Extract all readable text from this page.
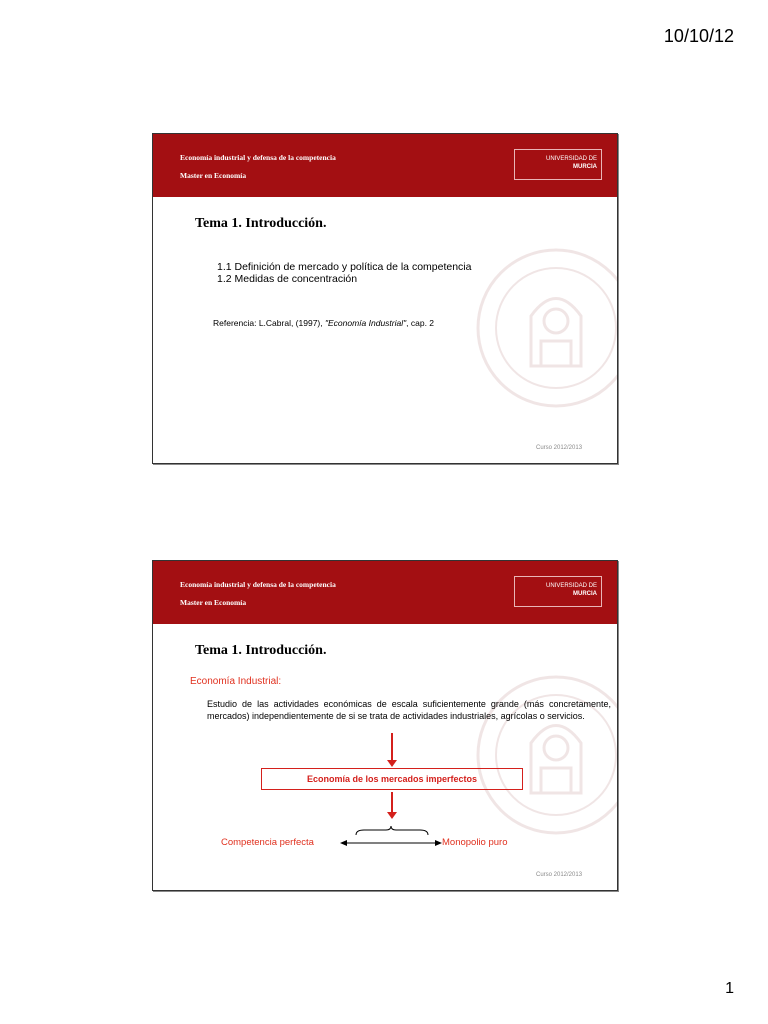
10/10/12
Economía industrial y defensa de la competencia
Master en Economía
UNIVERSIDAD DE
MURCIA
Tema 1. Introducción.
1.1 Definición de mercado y política de la competencia
1.2 Medidas de concentración
Referencia: L.Cabral, (1997), "Economía Industrial", cap. 2
Curso 2012/2013
Economía industrial y defensa de la competencia
Master en Economía
UNIVERSIDAD DE
MURCIA
Tema 1. Introducción.
Economía Industrial:
Estudio de las actividades económicas de escala suficientemente grande (más concretamente, mercados) independientemente de si se trata de actividades industriales, agrícolas o servicios.
Economía de los mercados imperfectos
Competencia perfecta	Monopolio puro
Curso 2012/2013
1
